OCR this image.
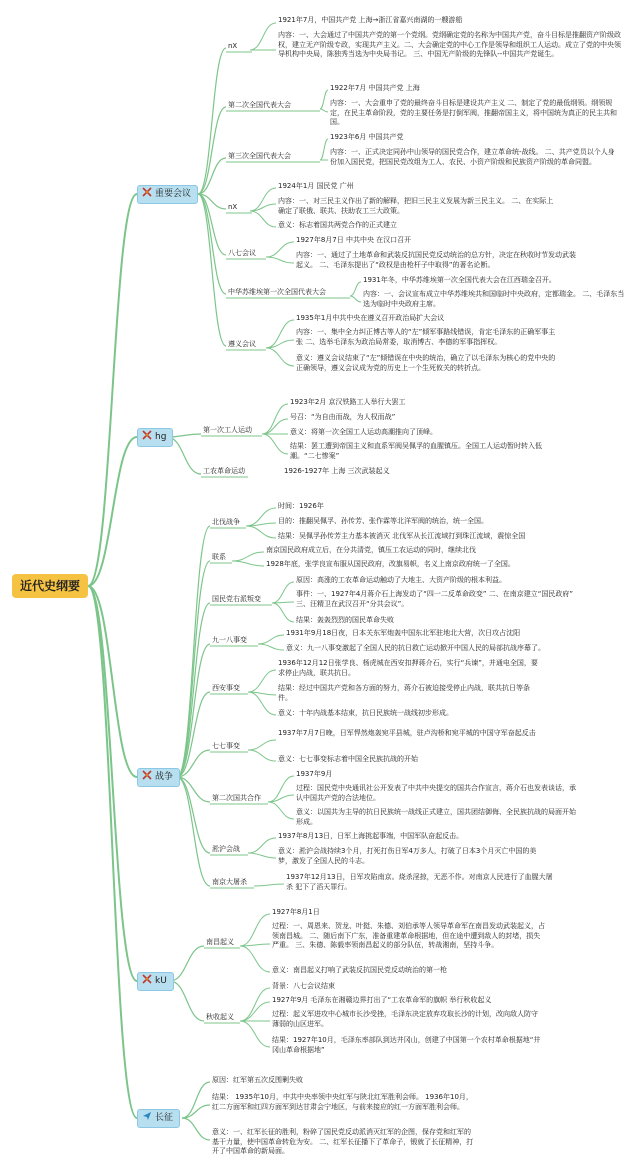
近代史纲要
重要会议
hg
战争
kU
长征
nX
1921年7月，中国共产党 上海→浙江省嘉兴南湖的一艘游船
内容：一、大会通过了中国共产党的第一个党纲。党纲确定党的名称为中国共产党，奋斗目标是推翻资产阶级政权，建立无产阶级专政，实现共产主义。二、大会确定党的中心工作是领导和组织工人运动。成立了党的中央领导机构中央局，陈独秀当选为中央局书记。 三、中国无产阶级的先锋队--中国共产党诞生。
第二次全国代表大会
1922年7月 中国共产党 上海
内容：一、大会重申了党的最终奋斗目标是建设共产主义 二、制定了党的最低纲领。纲领规定，在民主革命阶段，党的主要任务是打倒军阀，推翻帝国主义，将中国统为真正的民主共和国。
第三次全国代表大会
1923年6月 中国共产党
内容：一、正式决定同孙中山领导的国民党合作，建立革命统-战线。 二、共产党员以个人身份加入国民党，把国民党改组为工人、农民、小资产阶级和民族资产阶级的革命同盟。
nX
1924年1月 国民党 广州
内容：一、对三民主义作出了新的解释，把旧三民主义发展为新三民主义。 二、在实际上确定了联俄、联共、扶助农工三大政策。
意义：标志着国共两党合作的正式建立
八七会议
1927年8月7日 中共中央 在汉口召开
内容：一、通过了土地革命和武装反抗国民党反动统治的总方针，决定在秋收时节发动武装起义。 二、毛泽东提出了“政权是由枪杆子中取得”的著名论断。
中华苏维埃第一次全国代表大会
1931年冬，中华苏维埃第一次全国代表大会在江西瑞金召开。
内容：一、会议宣布成立中华苏维埃共和国临时中央政府，定都瑞金。 二、毛泽东当选为临时中央政府主席。
遵义会议
1935年1月中共中央在遵义召开政治局扩大会议
内容：一、集中全力纠正博古等人的“左”倾军事路线错误，肯定毛泽东的正确军事主张 二、选举毛泽东为政治局常委，取消博古、李德的军事指挥权。
意义：遵义会议结束了“左”倾错误在中央的统治，确立了以毛泽东为核心的党中央的正确领导，遵义会议成为党的历史上一个生死攸关的转折点。
第一次工人运动
1923年2月 京汉铁路工人举行大罢工
号召：“为自由而战，为人权而战”
意义：将第一次全国工人运动高潮推向了顶峰。
结果：罢工遭到帝国主义和直系军阀吴佩孚的血腥镇压。全国工人运动暂时转入低潮。“二七惨案”
工农革命运动	1926-1927年 上海 三次武装起义
北伐战争
时间：1926年
目的：推翻吴佩孚、孙传芳、张作霖等北洋军阀的统治，统一全国。
结果：吴佩孚孙传芳主力基本被消灭 北伐军从长江流域打到珠江流域，震惊全国
联系
南京国民政府成立后，在分共清党，镇压工农运动的同时，继续北伐
1928年底，张学良宣布服从国民政府，改旗易帜，名义上南京政府统一了全国。
国民党右派叛变
原因：高涨的工农革命运动触动了大地主、大资产阶级的根本利益。
事件：一、1927年4月蒋介石上海发动了“四一二反革命政变” 二、在南京建立“国民政府” 三、汪精卫在武汉召开“分共会议”。
结果：轰轰烈烈的国民革命失败
九一八事变
1931年9月18日夜，日本关东军炮轰中国东北军驻地北大营，次日攻占沈阳
意义：九一八事变激起了全国人民的抗日救亡运动掀开中国人民的局部抗战序幕了。
西安事变
1936年12月12日张学良、杨虎城在西安扣押蒋介石，实行“兵谏”，并通电全国，要求停止内战，联共抗日。
结果：经过中国共产党和各方面的努力，蒋介石被迫接受停止内战，联共抗日等条件。
意义：十年内战基本结束，抗日民族统一战线初步形成。
七七事变
1937年7月7日晚，日军悍然炮轰宛平县城，驻卢沟桥和宛平城的中国守军奋起反击
意义：七七事变标志着中国全民族抗战的开始
第二次国共合作
1937年9月
过程：国民党中央通讯社公开发表了中共中央提交的国共合作宣言，蒋介石也发表谈话，承认中国共产党的合法地位。
意义：以国共为主导的抗日民族统一战线正式建立，国共团结御侮、全民族抗战的局面开始形成。
淞沪会战
1937年8月13日，日军上海挑起事端，中国军队奋起反击。
意义：淞沪会战持续3个月，打死打伤日军4万多人，打破了日本3个月灭亡中国的美梦，激发了全国人民的斗志。
南京大屠杀
1937年12月13日，日军攻陷南京。烧杀淫掠，无恶不作。对南京人民进行了血腥大屠杀 犯下了滔天罪行。
南昌起义
1927年8月1日
过程：一、周恩来、贺龙、叶挺、朱德、刘伯承等人领导革命军在南昌发动武装起义，占领南昌城。 二、随后南下广东，准备重建革命根据地，但在途中遭到敌人的封堵，损失严重。 三、朱德、陈毅率领南昌起义的部分队伍，转战湘南，坚持斗争。
意义：南昌起义打响了武装反抗国民党反动统治的第一枪
秋收起义
背景：八七会议结束
1927年9月 毛泽东在湘赣边界打出了“工农革命军的旗帜 举行秋收起义
过程：起义军进攻中心城市长沙受挫，毛泽东决定放弃攻取长沙的计划，改向敌人防守薄弱的山区进军。
结果：1927年10月，毛泽东率部队到达井冈山，创建了中国第一个农村革命根据地“井冈山革命根据地”
原因：红军第五次反围剿失败
结果： 1935年10月，中共中央率领中央红军与陕北红军胜利会师。 1936年10月，红二方面军和红四方面军到达甘肃会宁地区，与前来接应的红一方面军胜利会师。
意义：一、红军长征的胜利，粉碎了国民党反动派消灭红军的企图，保存党和红军的基干力量，使中国革命转危为安。 二、红军长征播下了革命子，锻就了长征精神，打开了中国革命的新局面。
